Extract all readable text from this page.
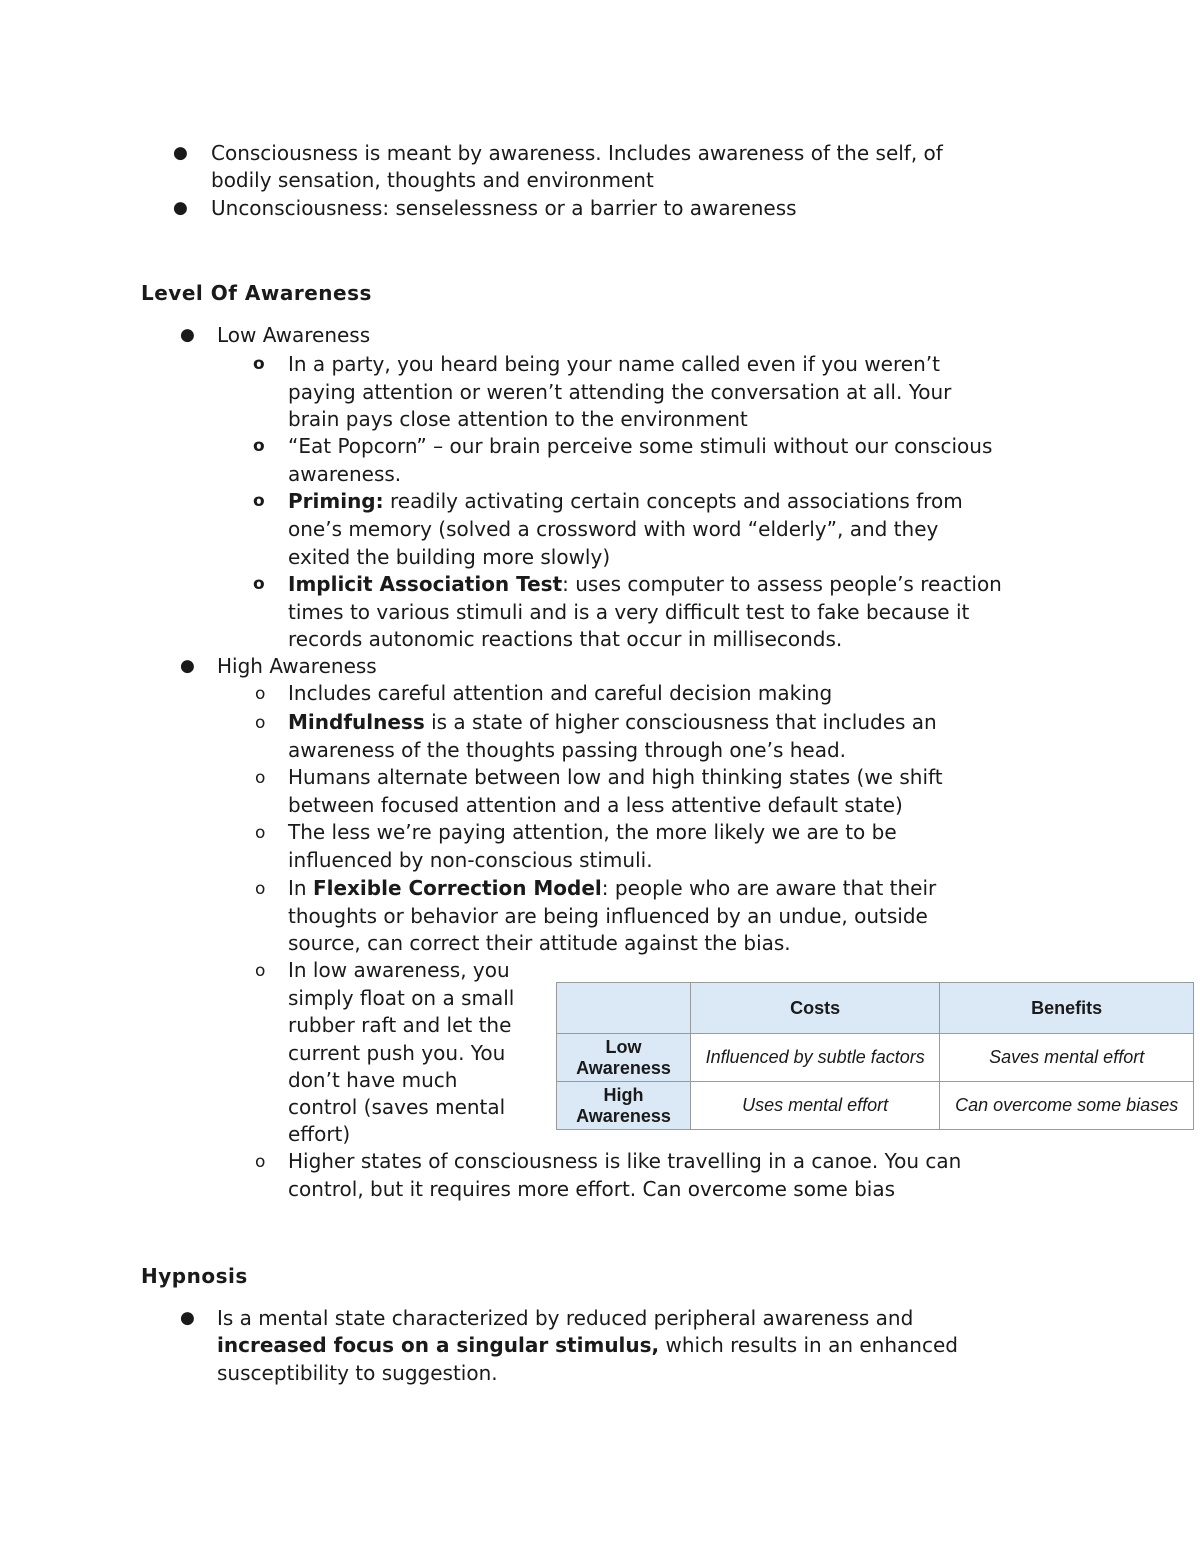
● Consciousness is meant by awareness. Includes awareness of the self, of
bodily sensation, thoughts and environment
● Unconsciousness: senselessness or a barrier to awareness
Level Of Awareness
● Low Awareness
o In a party, you heard being your name called even if you weren’t
paying attention or weren’t attending the conversation at all. Your
brain pays close attention to the environment
o “Eat Popcorn” – our brain perceive some stimuli without our conscious
awareness.
o Priming: readily activating certain concepts and associations from
one’s memory (solved a crossword with word “elderly”, and they
exited the building more slowly)
o Implicit Association Test: uses computer to assess people’s reaction
times to various stimuli and is a very difficult test to fake because it
records autonomic reactions that occur in milliseconds.
● High Awareness
o Includes careful attention and careful decision making
o Mindfulness is a state of higher consciousness that includes an
awareness of the thoughts passing through one’s head.
o Humans alternate between low and high thinking states (we shift
between focused attention and a less attentive default state)
o The less we’re paying attention, the more likely we are to be
influenced by non-conscious stimuli.
o In Flexible Correction Model: people who are aware that their
thoughts or behavior are being influenced by an undue, outside
source, can correct their attitude against the bias.
o In low awareness, you
simply float on a small
rubber raft and let the
current push you. You
don’t have much
control (saves mental
effort)
	Costs	Benefits
Low Awareness	Influenced by subtle factors	Saves mental effort
High Awareness	Uses mental effort	Can overcome some biases
o Higher states of consciousness is like travelling in a canoe. You can
control, but it requires more effort. Can overcome some bias
Hypnosis
● Is a mental state characterized by reduced peripheral awareness and
increased focus on a singular stimulus, which results in an enhanced
susceptibility to suggestion.
